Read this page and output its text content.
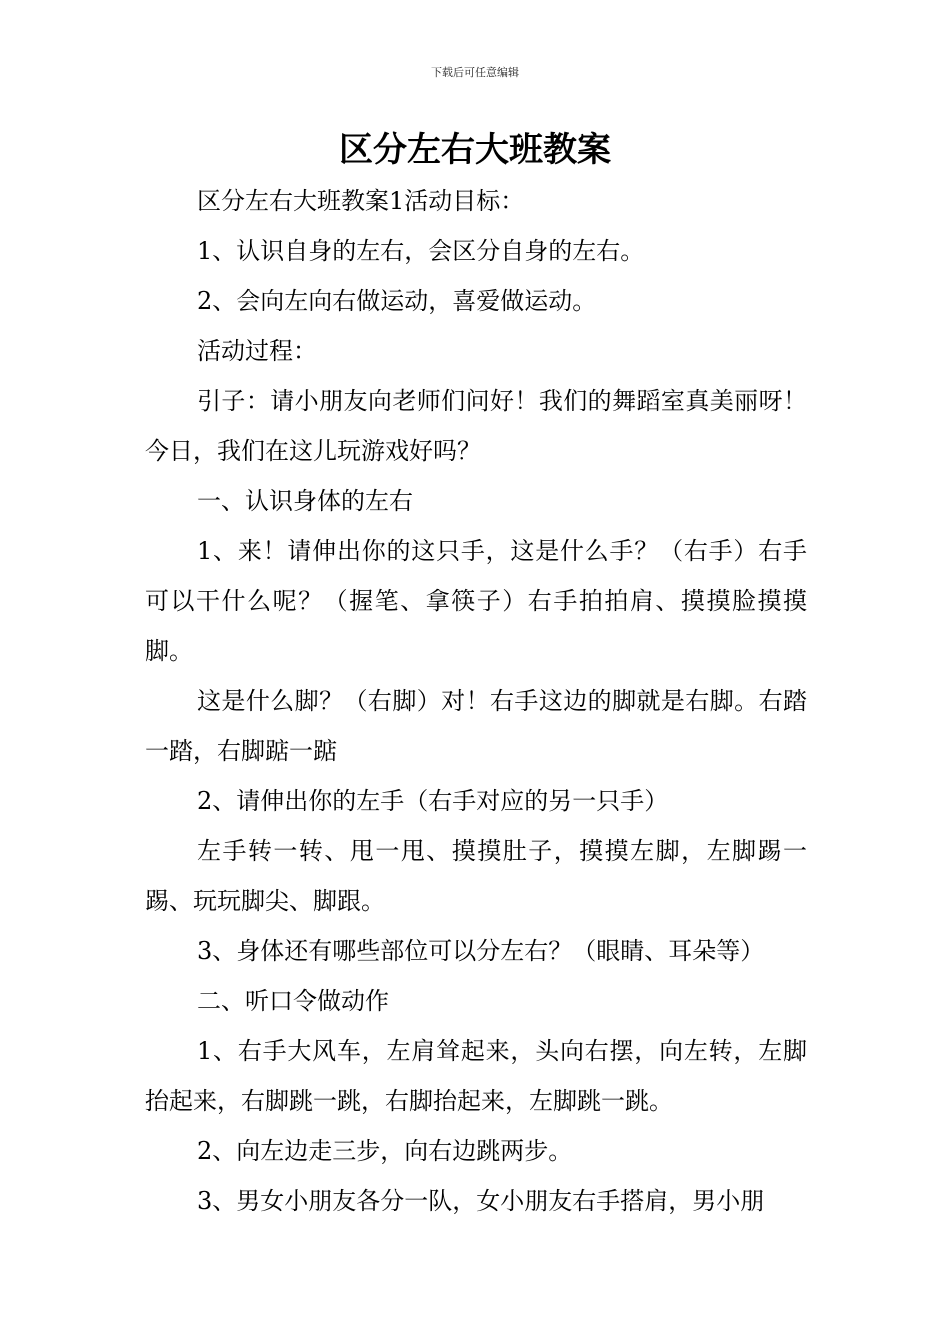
下载后可任意编辑
区分左右大班教案

区分左右大班教案1活动目标：

1、认识自身的左右，会区分自身的左右。

2、会向左向右做运动，喜爱做运动。

活动过程：

引子：请小朋友向老师们问好！我们的舞蹈室真美丽呀！今日，我们在这儿玩游戏好吗？

一、认识身体的左右

1、来！请伸出你的这只手，这是什么手？（右手）右手可以干什么呢？（握笔、拿筷子）右手拍拍肩、摸摸脸摸摸脚。

这是什么脚？（右脚）对！右手这边的脚就是右脚。右踏一踏，右脚踮一踮

2、请伸出你的左手（右手对应的另一只手）

左手转一转、甩一甩、摸摸肚子，摸摸左脚，左脚踢一踢、玩玩脚尖、脚跟。

3、身体还有哪些部位可以分左右？（眼睛、耳朵等）

二、听口令做动作

1、右手大风车，左肩耸起来，头向右摆，向左转，左脚抬起来，右脚跳一跳，右脚抬起来，左脚跳一跳。

2、向左边走三步，向右边跳两步。

3、男女小朋友各分一队，女小朋友右手搭肩，男小朋
